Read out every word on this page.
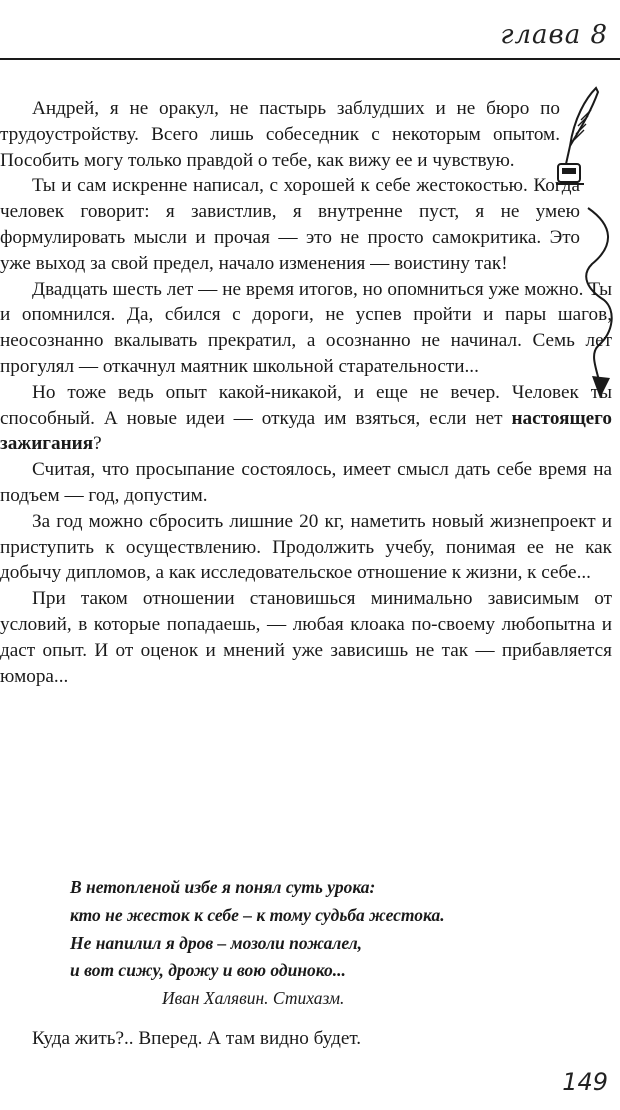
глава 8

Андрей, я не оракул, не пастырь заблудших и не бюро по трудоустройству. Всего лишь собеседник с некоторым опытом. Пособить могу только правдой о тебе, как вижу ее и чувствую.

Ты и сам искренне написал, с хорошей к себе жестокостью. Когда человек говорит: я завистлив, я внутренне пуст, я не умею формулировать мысли и прочая — это не просто самокритика. Это уже выход за свой предел, начало изменения — воистину так!

Двадцать шесть лет — не время итогов, но опомниться уже можно. Ты и опомнился. Да, сбился с дороги, не успев пройти и пары шагов, неосознанно вкалывать прекратил, а осознанно не начинал. Семь лет прогулял — откачнул маятник школьной старательности...

Но тоже ведь опыт какой-никакой, и еще не вечер. Человек ты способный. А новые идеи — откуда им взяться, если нет настоящего зажигания?

Считая, что просыпание состоялось, имеет смысл дать себе время на подъем — год, допустим.

За год можно сбросить лишние 20 кг, наметить новый жизнепроект и приступить к осуществлению. Продолжить учебу, понимая ее не как добычу дипломов, а как исследовательское отношение к жизни, к себе...

При таком отношении становишься минимально зависимым от условий, в которые попадаешь, — любая клоака по-своему любопытна и даст опыт. И от оценок и мнений уже зависишь не так — прибавляется юмора...

В нетопленой избе я понял суть урока:
кто не жесток к себе – к тому судьба жестока.
Не напилил я дров – мозоли пожалел,
и вот сижу, дрожу и вою одиноко...
Иван Халявин. Стихазм.
Куда жить?.. Вперед. А там видно будет.
149
